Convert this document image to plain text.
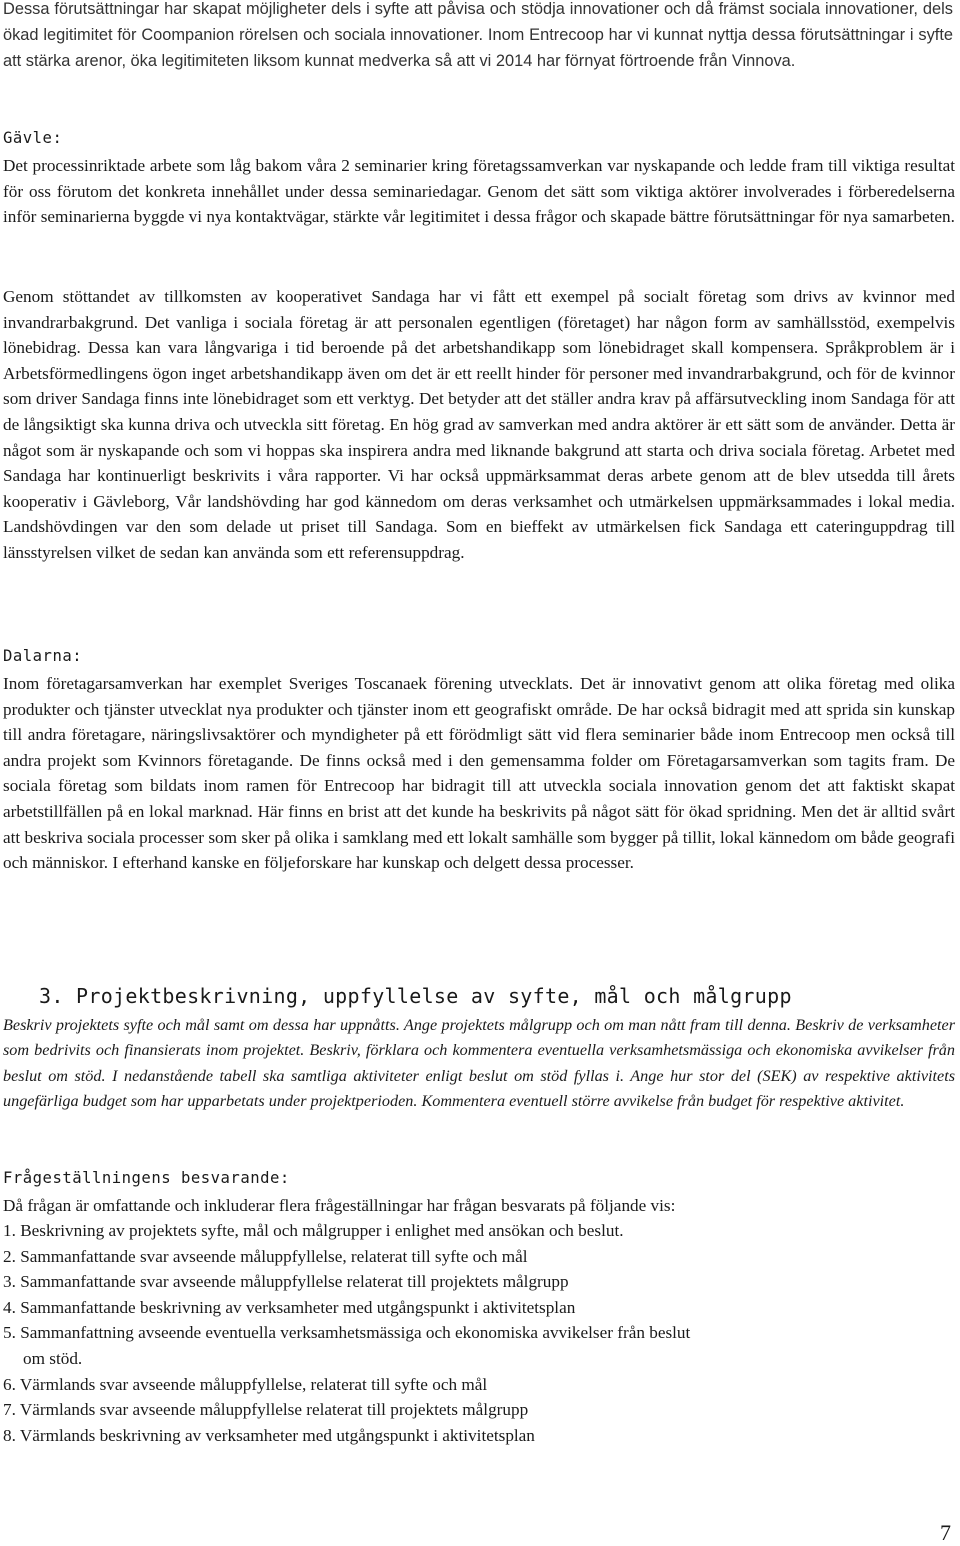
Dessa förutsättningar har skapat möjligheter dels i syfte att påvisa och stödja innovationer och då främst sociala innovationer, dels ökad legitimitet för Coompanion rörelsen och sociala innovationer. Inom Entrecoop har vi kunnat nyttja dessa förutsättningar i syfte att stärka arenor, öka legitimiteten liksom kunnat medverka så att vi 2014 har förnyat förtroende från Vinnova.

Gävle:

Det processinriktade arbete som låg bakom våra 2 seminarier kring företagssamverkan var nyskapande och ledde fram till viktiga resultat för oss förutom det konkreta innehållet under dessa seminariedagar. Genom det sätt som viktiga aktörer involverades i förberedelserna inför seminarierna byggde vi nya kontaktvägar, stärkte vår legitimitet i dessa frågor och skapade bättre förutsättningar för nya samarbeten.

Genom stöttandet av tillkomsten av kooperativet Sandaga har vi fått ett exempel på socialt företag som drivs av kvinnor med invandrarbakgrund. Det vanliga i sociala företag är att personalen egentligen (företaget) har någon form av samhällsstöd, exempelvis lönebidrag. Dessa kan vara långvariga i tid beroende på det arbetshandikapp som lönebidraget skall kompensera. Språkproblem är i Arbetsförmedlingens ögon inget arbetshandikapp även om det är ett reellt hinder för personer med invandrarbakgrund, och för de kvinnor som driver Sandaga finns inte lönebidraget som ett verktyg. Det betyder att det ställer andra krav på affärsutveckling inom Sandaga för att de långsiktigt ska kunna driva och utveckla sitt företag. En hög grad av samverkan med andra aktörer är ett sätt som de använder. Detta är något som är nyskapande och som vi hoppas ska inspirera andra med liknande bakgrund att starta och driva sociala företag. Arbetet med Sandaga har kontinuerligt beskrivits i våra rapporter. Vi har också uppmärksammat deras arbete genom att de blev utsedda till årets kooperativ i Gävleborg, Vår landshövding har god kännedom om deras verksamhet och utmärkelsen uppmärksammades i lokal media. Landshövdingen var den som delade ut priset till Sandaga. Som en bieffekt av utmärkelsen fick Sandaga ett cateringuppdrag till länsstyrelsen vilket de sedan kan använda som ett referensuppdrag.

Dalarna:

Inom företagarsamverkan har exemplet Sveriges Toscanaek förening utvecklats. Det är innovativt genom att olika företag med olika produkter och tjänster utvecklat nya produkter och tjänster inom ett geografiskt område. De har också bidragit med att sprida sin kunskap till andra företagare, näringslivsaktörer och myndigheter på ett förödmligt sätt vid flera seminarier både inom Entrecoop men också till andra projekt som Kvinnors företagande. De finns också med i den gemensamma folder om Företagarsamverkan som tagits fram. De sociala företag som bildats inom ramen för Entrecoop har bidragit till att utveckla sociala innovation genom det att faktiskt skapat arbetstillfällen på en lokal marknad. Här finns en brist att det kunde ha beskrivits på något sätt för ökad spridning. Men det är alltid svårt att beskriva sociala processer som sker på olika i samklang med ett lokalt samhälle som bygger på tillit, lokal kännedom om både geografi och människor. I efterhand kanske en följeforskare har kunskap och delgett dessa processer.

3. Projektbeskrivning, uppfyllelse av syfte, mål och målgrupp

Beskriv projektets syfte och mål samt om dessa har uppnåtts. Ange projektets målgrupp och om man nått fram till denna. Beskriv de verksamheter som bedrivits och finansierats inom projektet. Beskriv, förklara och kommentera eventuella verksamhetsmässiga och ekonomiska avvikelser från beslut om stöd. I nedanstående tabell ska samtliga aktiviteter enligt beslut om stöd fyllas i. Ange hur stor del (SEK) av respektive aktivitets ungefärliga budget som har upparbetats under projektperioden. Kommentera eventuell större avvikelse från budget för respektive aktivitet.

Frågeställningens besvarande:

Då frågan är omfattande och inkluderar flera frågeställningar har frågan besvarats på följande vis:

1. Beskrivning av projektets syfte, mål och målgrupper i enlighet med ansökan och beslut.
2. Sammanfattande svar avseende måluppfyllelse, relaterat till syfte och mål
3. Sammanfattande svar avseende måluppfyllelse relaterat till projektets målgrupp
4. Sammanfattande beskrivning av verksamheter med utgångspunkt i aktivitetsplan
5. Sammanfattning avseende eventuella verksamhetsmässiga och ekonomiska avvikelser från beslut
om stöd.
6. Värmlands svar avseende måluppfyllelse, relaterat till syfte och mål
7. Värmlands svar avseende måluppfyllelse relaterat till projektets målgrupp
8. Värmlands beskrivning av verksamheter med utgångspunkt i aktivitetsplan
7
